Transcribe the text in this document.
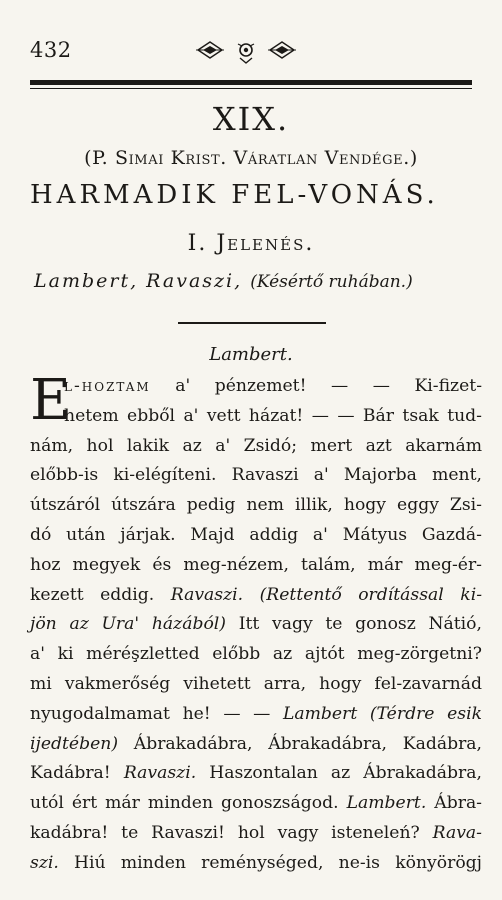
432
XIX.
(P. Simai Krist. Váratlan Vendége.)
HARMADIK FEL-VONÁS.
I. Jelenés.
Lambert, Ravaszi, (Késértő ruhában.)
Lambert.
E
l-hoztam a' pénzemet! — — Ki-fizet-
hetem ebből a' vett házat! — — Bár tsak tud-
nám, hol lakik az a' Zsidó; mert azt akarnám
előbb-is ki-elégíteni. Ravaszi a' Majorba ment,
útszáról útszára pedig nem illik, hogy eggy Zsi-
dó után járjak. Majd addig a' Mátyus Gazdá-
hoz megyek és meg-nézem, talám, már meg-ér-
kezett eddig. Ravaszi. (Rettentő ordítással ki-
jön az Ura' házából) Itt vagy te gonosz Nátió,
a' ki méréşzletted előbb az ajtót meg-zörgetni?
mi vakmerőség vihetett arra, hogy fel-zavarnád
nyugodalmamat he! — — Lambert (Térdre esik
ijedtében) Ábrakadábra, Ábrakadábra, Kadábra,
Kadábra! Ravaszi. Haszontalan az Ábrakadábra,
utól ért már minden gonoszságod. Lambert. Ábra-
kadábra! te Ravaszi! hol vagy isteneleń? Rava-
szi. Hiú minden reménységed, ne-is könyörögj
